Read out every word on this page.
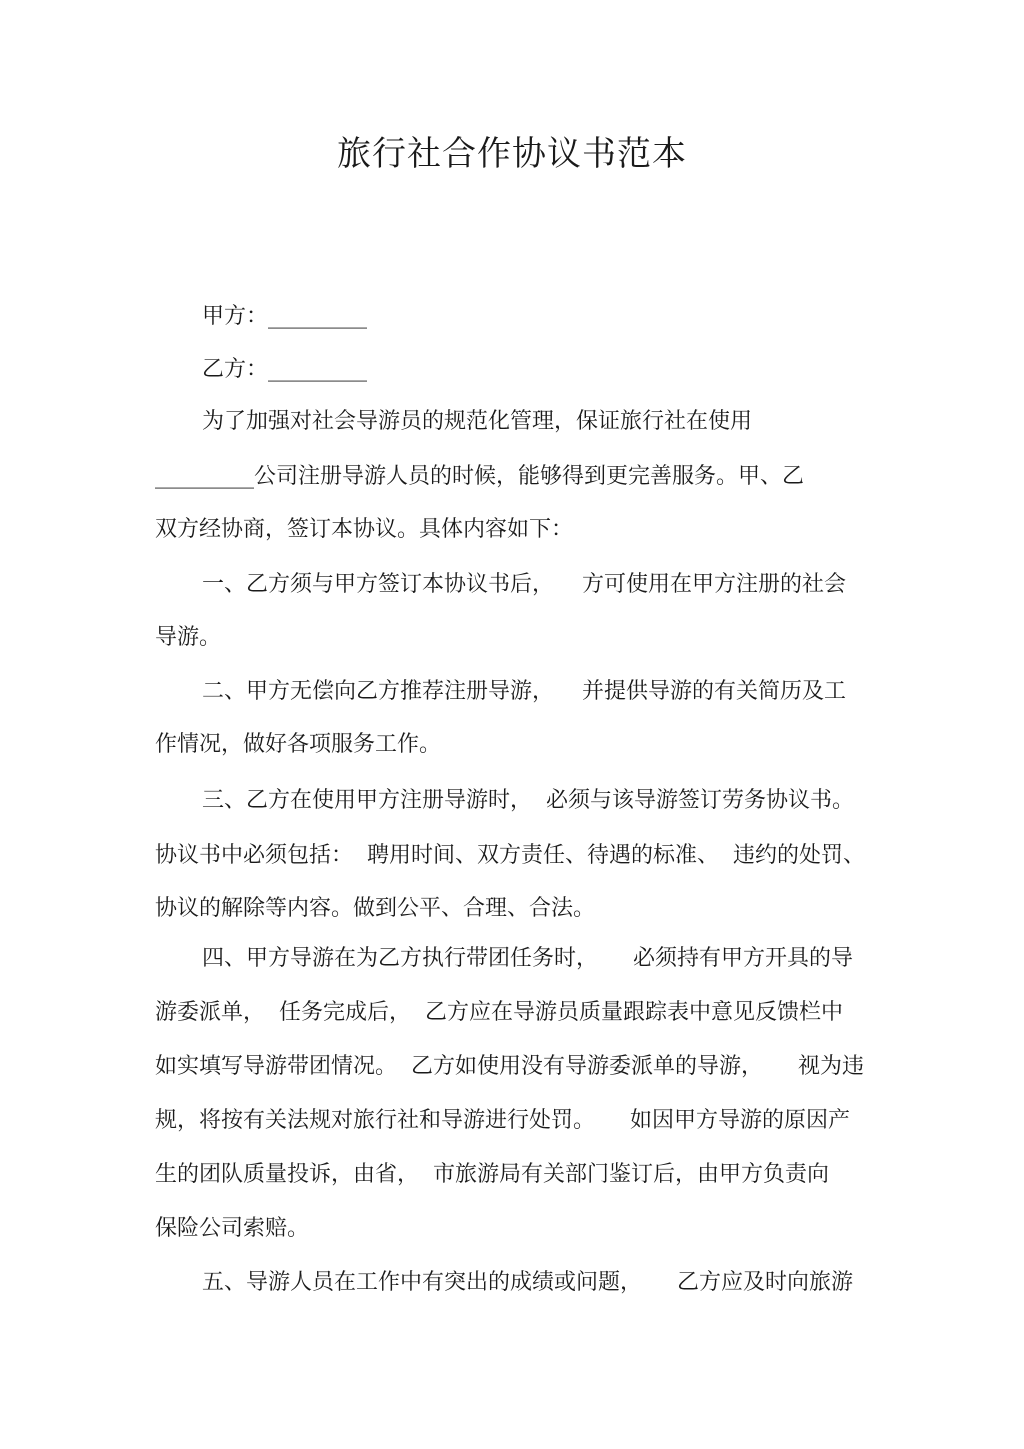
旅行社合作协议书范本
甲方：_________
乙方：_________
为了加强对社会导游员的规范化管理，保证旅行社在使用
_________公司注册导游人员的时候，能够得到更完善服务。甲、乙
双方经协商，签订本协议。具体内容如下：
一、乙方须与甲方签订本协议书后，    方可使用在甲方注册的社会
导游。
二、甲方无偿向乙方推荐注册导游，    并提供导游的有关简历及工
作情况，做好各项服务工作。
三、乙方在使用甲方注册导游时，  必须与该导游签订劳务协议书。
协议书中必须包括：  聘用时间、双方责任、待遇的标准、  违约的处罚、
协议的解除等内容。做到公平、合理、合法。
四、甲方导游在为乙方执行带团任务时，     必须持有甲方开具的导
游委派单，  任务完成后，  乙方应在导游员质量跟踪表中意见反馈栏中
如实填写导游带团情况。  乙方如使用没有导游委派单的导游，     视为违
规，将按有关法规对旅行社和导游进行处罚。     如因甲方导游的原因产
生的团队质量投诉，由省，  市旅游局有关部门鉴订后，由甲方负责向
保险公司索赔。
五、导游人员在工作中有突出的成绩或问题，     乙方应及时向旅游
